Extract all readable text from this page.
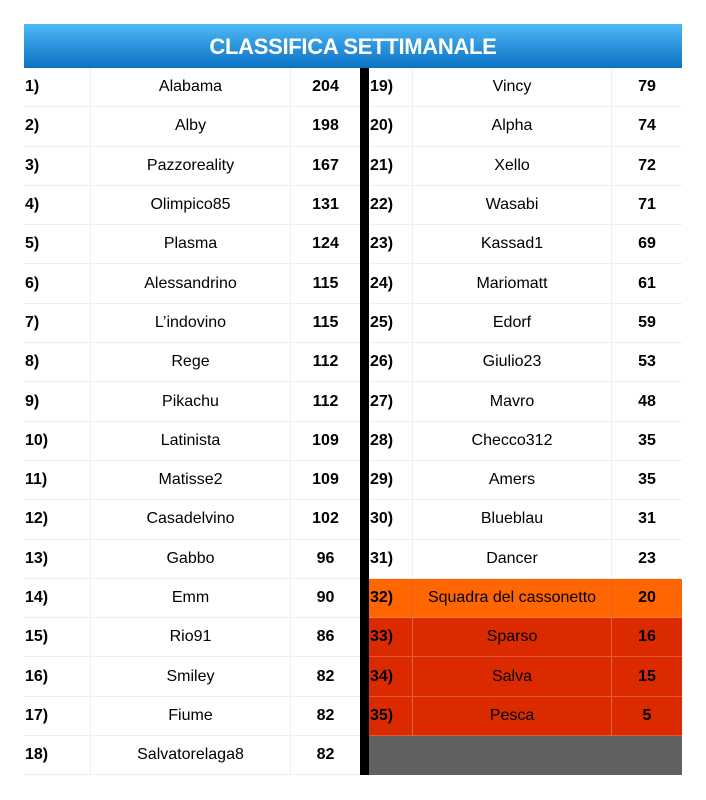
CLASSIFICA SETTIMANALE
1)	Alabama	204
2)	Alby	198
3)	Pazzoreality	167
4)	Olimpico85	131
5)	Plasma	124
6)	Alessandrino	115
7)	L’indovino	115
8)	Rege	112
9)	Pikachu	112
10)	Latinista	109
11)	Matisse2	109
12)	Casadelvino	102
13)	Gabbo	96
14)	Emm	90
15)	Rio91	86
16)	Smiley	82
17)	Fiume	82
18)	Salvatorelaga8	82
19)	Vincy	79
20)	Alpha	74
21)	Xello	72
22)	Wasabi	71
23)	Kassad1	69
24)	Mariomatt	61
25)	Edorf	59
26)	Giulio23	53
27)	Mavro	48
28)	Checco312	35
29)	Amers	35
30)	Blueblau	31
31)	Dancer	23
32)	Squadra del cassonetto	20
33)	Sparso	16
34)	Salva	15
35)	Pesca	5
